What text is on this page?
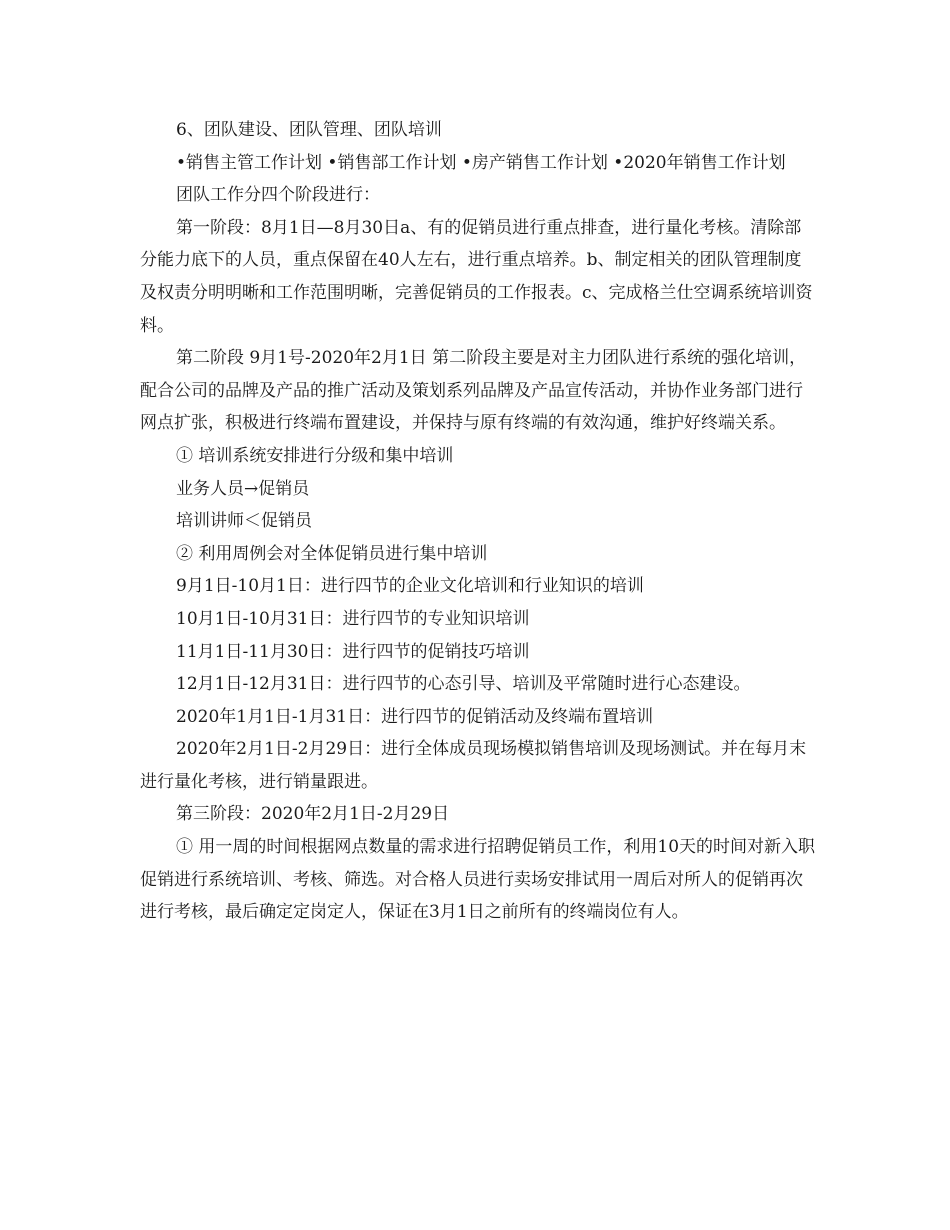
6、团队建设、团队管理、团队培训

•销售主管工作计划 •销售部工作计划 •房产销售工作计划 •2020年销售工作计划

团队工作分四个阶段进行：

第一阶段：8月1日—8月30日a、有的促销员进行重点排查，进行量化考核。清除部分能力底下的人员，重点保留在40人左右，进行重点培养。b、制定相关的团队管理制度及权责分明明晰和工作范围明晰，完善促销员的工作报表。c、完成格兰仕空调系统培训资料。

第二阶段 9月1号-2020年2月1日 第二阶段主要是对主力团队进行系统的强化培训，配合公司的品牌及产品的推广活动及策划系列品牌及产品宣传活动，并协作业务部门进行网点扩张，积极进行终端布置建设，并保持与原有终端的有效沟通，维护好终端关系。

① 培训系统安排进行分级和集中培训

业务人员→促销员

培训讲师＜促销员

② 利用周例会对全体促销员进行集中培训

9月1日-10月1日：进行四节的企业文化培训和行业知识的培训

10月1日-10月31日：进行四节的专业知识培训

11月1日-11月30日：进行四节的促销技巧培训

12月1日-12月31日：进行四节的心态引导、培训及平常随时进行心态建设。

2020年1月1日-1月31日：进行四节的促销活动及终端布置培训

2020年2月1日-2月29日：进行全体成员现场模拟销售培训及现场测试。并在每月末进行量化考核，进行销量跟进。

第三阶段：2020年2月1日-2月29日

① 用一周的时间根据网点数量的需求进行招聘促销员工作，利用10天的时间对新入职促销进行系统培训、考核、筛选。对合格人员进行卖场安排试用一周后对所人的促销再次进行考核，最后确定定岗定人，保证在3月1日之前所有的终端岗位有人。
